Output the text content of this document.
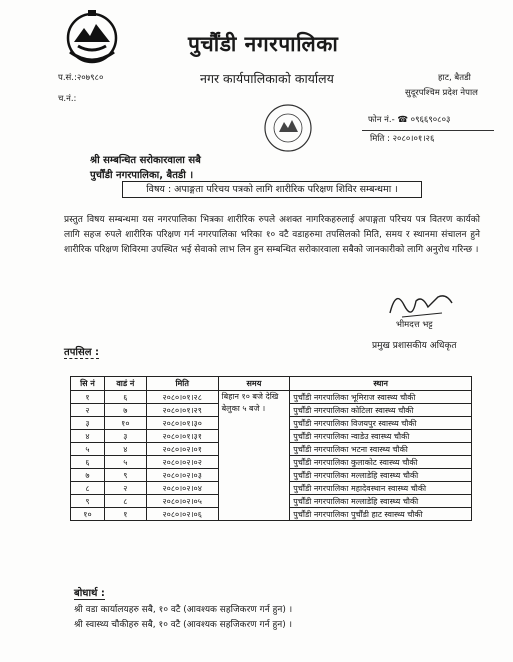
पुर्चौंडी नगरपालिका
नगर कार्यपालिकाको कार्यालय
प.सं.:२०७९८०
च.नं.:
हाट, बैतडी
सुदूरपश्चिम प्रदेश नेपाल
फोन नं.- ☎ ०९६६९०८०३
मिति : २०८०।०१।२६
श्री सम्बन्धित सरोकारवाला सबै
पुर्चौंडी नगरपालिका, बैतडी ।
विषय : अपाङ्गता परिचय पत्रको लागि शारीरिक परिक्षण शिविर सम्बन्धमा ।
प्रस्तुत विषय सम्बन्धमा यस नगरपालिका भित्रका शारीरिक रुपले अशक्त नागरिकहरुलाई अपाङ्गता परिचय पत्र वितरण कार्यको लागि सहज रुपले शारीरिक परिक्षण गर्न नगरपालिका भरिका १० वटै वडाहरुमा तपसिलको मिति, समय र स्थानमा संचालन हुने शारीरिक परिक्षण शिविरमा उपस्थित भई सेवाको लाभ लिन हुन सम्बन्धित सरोकारवाला सबैको जानकारीको लागि अनुरोध गरिन्छ ।
भीमदत्त भट्ट
प्रमुख प्रशासकीय अधिकृत
तपसिल :
सि नं	वाडं नं	मिति	समय	स्थान
१	६	२०८०।०१।२८	बिहान १० बजे देखि बेलुका ५ बजे ।	पुर्चौंडी नगरपालिका भूमिराज स्वास्थ्य चौकी
२	७	२०८०।०१।२९		पुर्चौंडी नगरपालिका कोटिला स्वास्थ्य चौकी
३	१०	२०८०।०१।३०		पुर्चौंडी नगरपालिका विजयपुर स्वास्थ्य चौकी
४	३	२०८०।०१।३१		पुर्चौंडी नगरपालिका न्वाडेउ स्वास्थ्य चौकी
५	४	२०८०।०२।०१		पुर्चौंडी नगरपालिका भटना स्वास्थ्य चौकी
६	५	२०८०।०२।०२		पुर्चौंडी नगरपालिका कुलाकोट स्वास्थ्य चौकी
७	९	२०८०।०२।०३		पुर्चौंडी नगरपालिका मल्लाडेहि स्वास्थ्य चौकी
८	२	२०८०।०२।०४		पुर्चौंडी नगरपालिका महादेवस्थान स्वास्थ्य चौकी
९	८	२०८०।०२।०५		पुर्चौंडी नगरपालिका मल्लाडेहि स्वास्थ्य चौकी
१०	१	२०८०।०२।०६		पुर्चौंडी नगरपालिका पुर्चौंडी हाट स्वास्थ्य चौकी
बोधार्थ :
श्री वडा कार्यालयहरु सबै, १० वटै (आवश्यक सहजिकरण गर्न हुन) ।
श्री स्वास्थ्य चौकीहरु सबै, १० वटै (आवश्यक सहजिकरण गर्न हुन) ।
